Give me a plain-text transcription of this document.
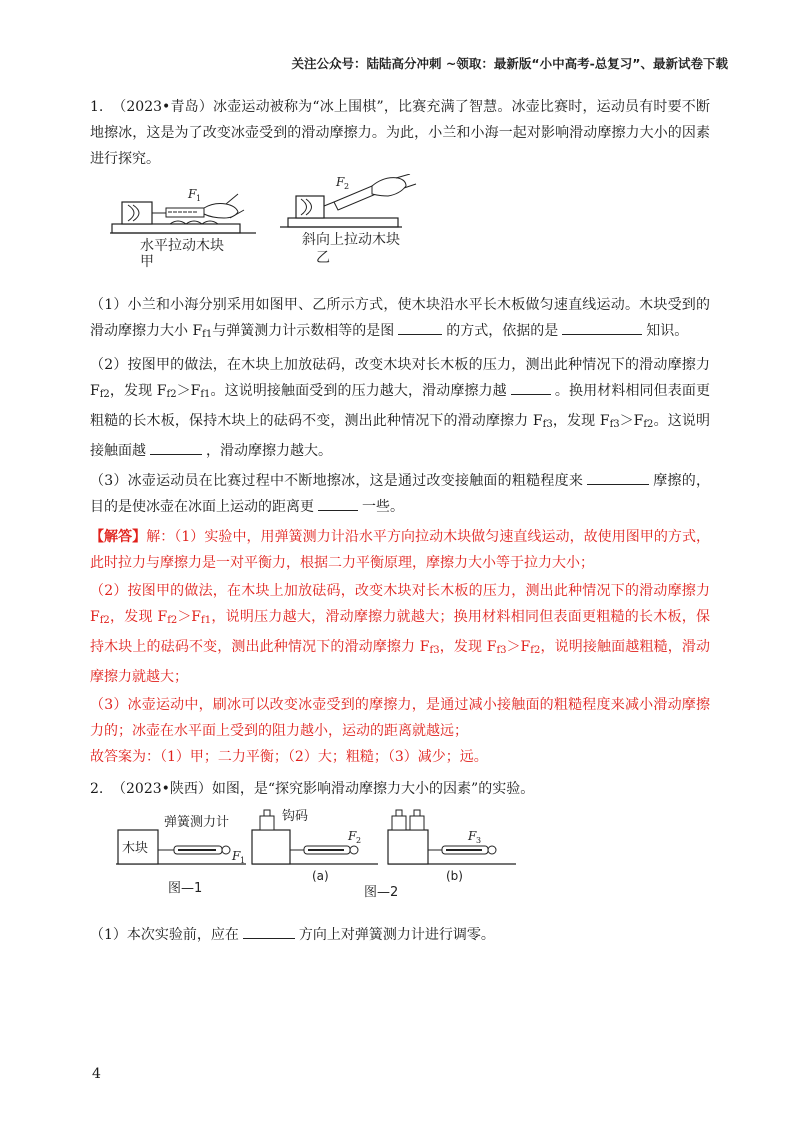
关注公众号：陆陆高分冲刺 ~领取：最新版“小中高考-总复习”、最新试卷下载

1. （2023•青岛）冰壶运动被称为“冰上围棋”，比赛充满了智慧。冰壶比赛时，运动员有时要不断地擦冰，这是为了改变冰壶受到的滑动摩擦力。为此，小兰和小海一起对影响滑动摩擦力大小的因素进行探究。

F 1
水平拉动木块
甲
F 2
斜向上拉动木块
乙

（1）小兰和小海分别采用如图甲、乙所示方式，使木块沿水平长木板做匀速直线运动。木块受到的滑动摩擦力大小 $F_{f1}$与弹簧测力计示数相等的是图	的方式，依据的是	知识。

（2）按图甲的做法，在木块上加放砝码，改变木块对长木板的压力，测出此种情况下的滑动摩擦力 $F_{f2}$，发现 $F_{f2}>F_{f1}$。这说明接触面受到的压力越大，滑动摩擦力越	。换用材料相同但表面更粗糙的长木板，保持木块上的砝码不变，测出此种情况下的滑动摩擦力 $F_{f3}$，发现 $F_{f3}>F_{f2}$。这说明接触面越	，滑动摩擦力越大。

（3）冰壶运动员在比赛过程中不断地擦冰，这是通过改变接触面的粗糙程度来	摩擦的，目的是使冰壶在冰面上运动的距离更	一些。

【解答】解：（1）实验中，用弹簧测力计沿水平方向拉动木块做匀速直线运动，故使用图甲的方式，此时拉力与摩擦力是一对平衡力，根据二力平衡原理，摩擦力大小等于拉力大小；

（2）按图甲的做法，在木块上加放砝码，改变木块对长木板的压力，测出此种情况下的滑动摩擦力 $F_{f2}$，发现 $F_{f2}>F_{f1}$，说明压力越大，滑动摩擦力就越大；换用材料相同但表面更粗糙的长木板，保持木块上的砝码不变，测出此种情况下的滑动摩擦力 $F_{f3}$，发现 $F_{f3}>F_{f2}$，说明接触面越粗糙，滑动摩擦力就越大；

（3）冰壶运动中，刷冰可以改变冰壶受到的摩擦力，是通过减小接触面的粗糙程度来减小滑动摩擦力的；冰壶在水平面上受到的阻力越小，运动的距离就越远；

故答案为：（1）甲；二力平衡；（2）大；粗糙；（3）减少；远。

2. （2023•陕西）如图，是“探究影响滑动摩擦力大小的因素”的实验。

木块
弹簧测力计
F 1
图—1
钩码
F 2
(a)
图—2
F 3
(b)

（1）本次实验前，应在	方向上对弹簧测力计进行调零。

4
